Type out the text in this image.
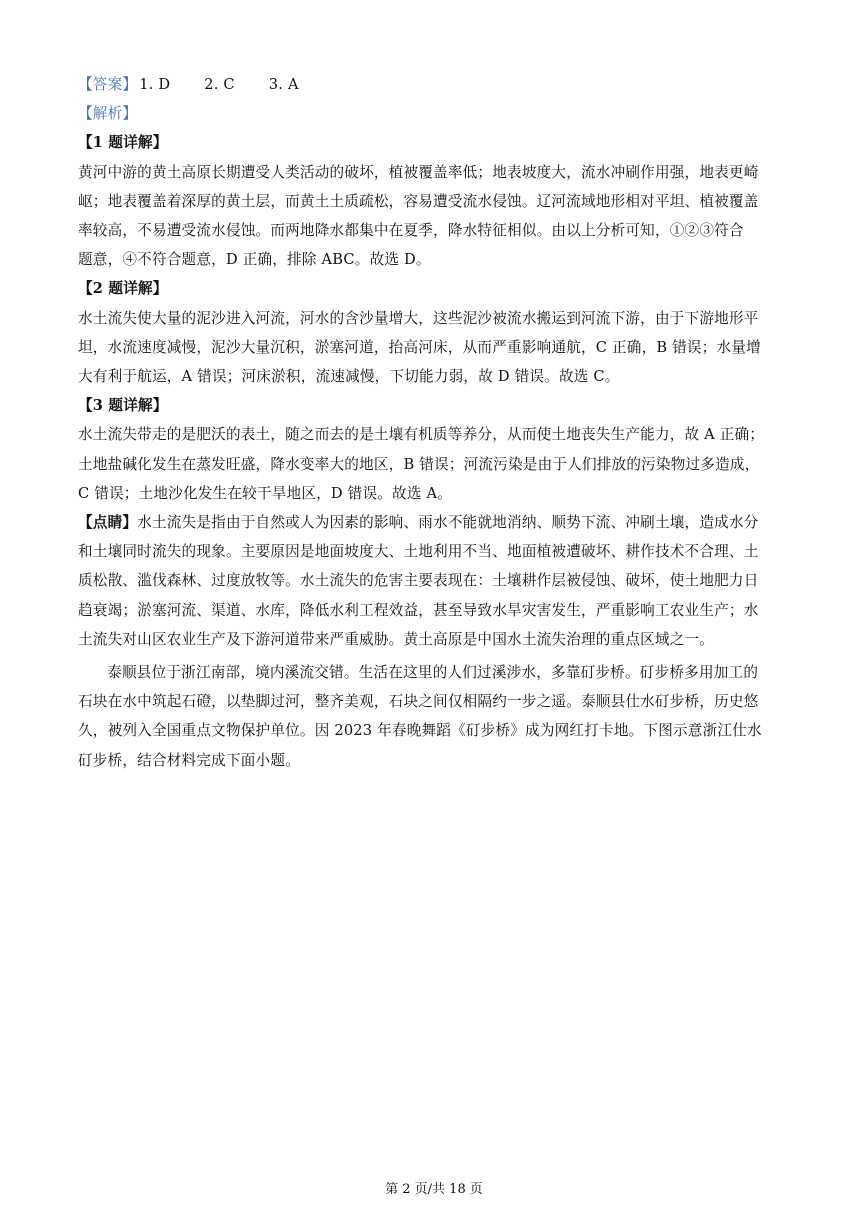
【答案】 1. D 2. C 3. A
【解析】
【1 题详解】
黄河中游的黄土高原长期遭受人类活动的破坏，植被覆盖率低；地表坡度大，流水冲刷作用强，地表更崎
岖；地表覆盖着深厚的黄土层，而黄土土质疏松，容易遭受流水侵蚀。辽河流域地形相对平坦、植被覆盖
率较高，不易遭受流水侵蚀。而两地降水都集中在夏季，降水特征相似。由以上分析可知，①②③符合
题意，④不符合题意，D 正确，排除 ABC。故选 D。
【2 题详解】
水土流失使大量的泥沙进入河流，河水的含沙量增大，这些泥沙被流水搬运到河流下游，由于下游地形平
坦，水流速度减慢，泥沙大量沉积，淤塞河道，抬高河床，从而严重影响通航，C 正确，B 错误；水量增
大有利于航运，A 错误；河床淤积，流速减慢，下切能力弱，故 D 错误。故选 C。
【3 题详解】
水土流失带走的是肥沃的表土，随之而去的是土壤有机质等养分，从而使土地丧失生产能力，故 A 正确；
土地盐碱化发生在蒸发旺盛，降水变率大的地区，B 错误；河流污染是由于人们排放的污染物过多造成，
C 错误；土地沙化发生在较干旱地区，D 错误。故选 A。
【点睛】水土流失是指由于自然或人为因素的影响、雨水不能就地消纳、顺势下流、冲刷土壤，造成水分
和土壤同时流失的现象。主要原因是地面坡度大、土地利用不当、地面植被遭破坏、耕作技术不合理、土
质松散、滥伐森林、过度放牧等。水土流失的危害主要表现在：土壤耕作层被侵蚀、破坏，使土地肥力日
趋衰竭；淤塞河流、渠道、水库，降低水利工程效益，甚至导致水旱灾害发生，严重影响工农业生产；水
土流失对山区农业生产及下游河道带来严重威胁。黄土高原是中国水土流失治理的重点区域之一。
泰顺县位于浙江南部，境内溪流交错。生活在这里的人们过溪涉水，多靠矴步桥。矴步桥多用加工的
石块在水中筑起石磴，以垫脚过河，整齐美观，石块之间仅相隔约一步之遥。泰顺县仕水矴步桥，历史悠
久，被列入全国重点文物保护单位。因 2023 年春晚舞蹈《矴步桥》成为网红打卡地。下图示意浙江仕水
矴步桥，结合材料完成下面小题。
第 2 页/共 18 页
